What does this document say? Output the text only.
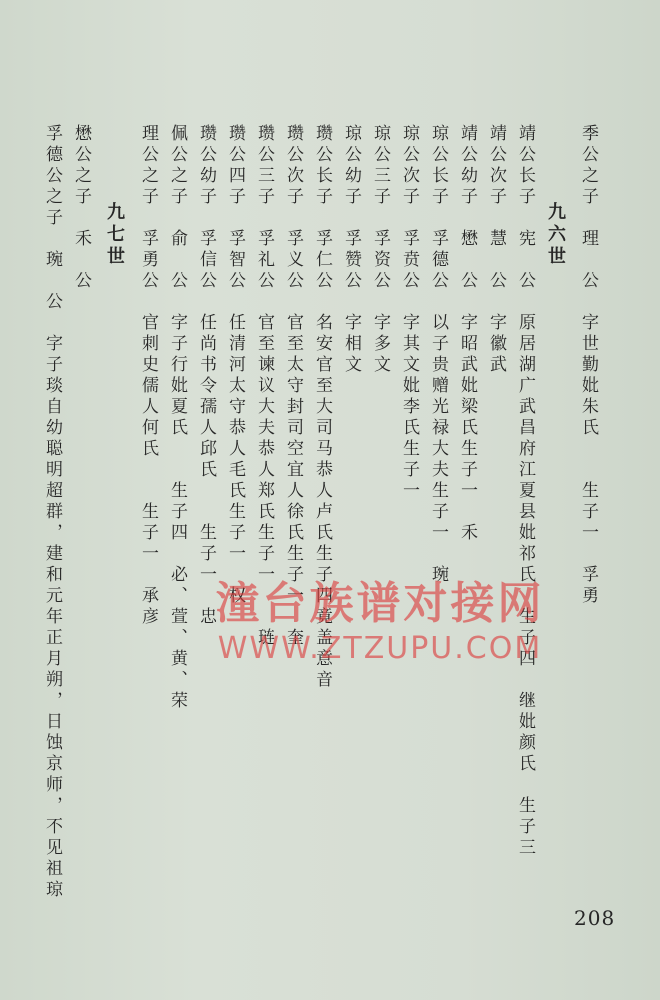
季公之子　理　公　字世勤妣朱氏　　生子一　孚勇
九六世
靖公长子　宪　公　原居湖广武昌府江夏县妣祁氏　生子四　继妣颜氏　生子三
靖公次子　慧　公　字徽武
靖公幼子　懋　公　字昭武妣梁氏生子一　禾
琼公长子　孚德公　以子贵赠光禄大夫生子一　琬
琼公次子　孚贲公　字其文妣李氏生子一
琼公三子　孚资公　字多文
琼公幼子　孚赞公　字相文
瓒公长子　孚仁公　名安官至大司马恭人卢氏生子四竟盖意音
瓒公次子　孚义公　官至太守封司空宜人徐氏生子一　奎
瓒公三子　孚礼公　官至谏议大夫恭人郑氏生子一　　琏
瓒公四子　孚智公　任清河太守恭人毛氏生子一　权
瓒公幼子　孚信公　任尚书令孺人邱氏　　生子一　忠
佩公之子　俞　公　字子行妣夏氏　　生子四　必、萱、黄、荣
理公之子　孚勇公　官刺史儒人何氏　　生子一　承彦
九七世
懋公之子　禾　公
孚德公之子　琬　公　字子琰自幼聪明超群，建和元年正月朔，日蚀京师，不见祖琼	潼台族谱对接网
WWW.ZTZUPU.COM
208
